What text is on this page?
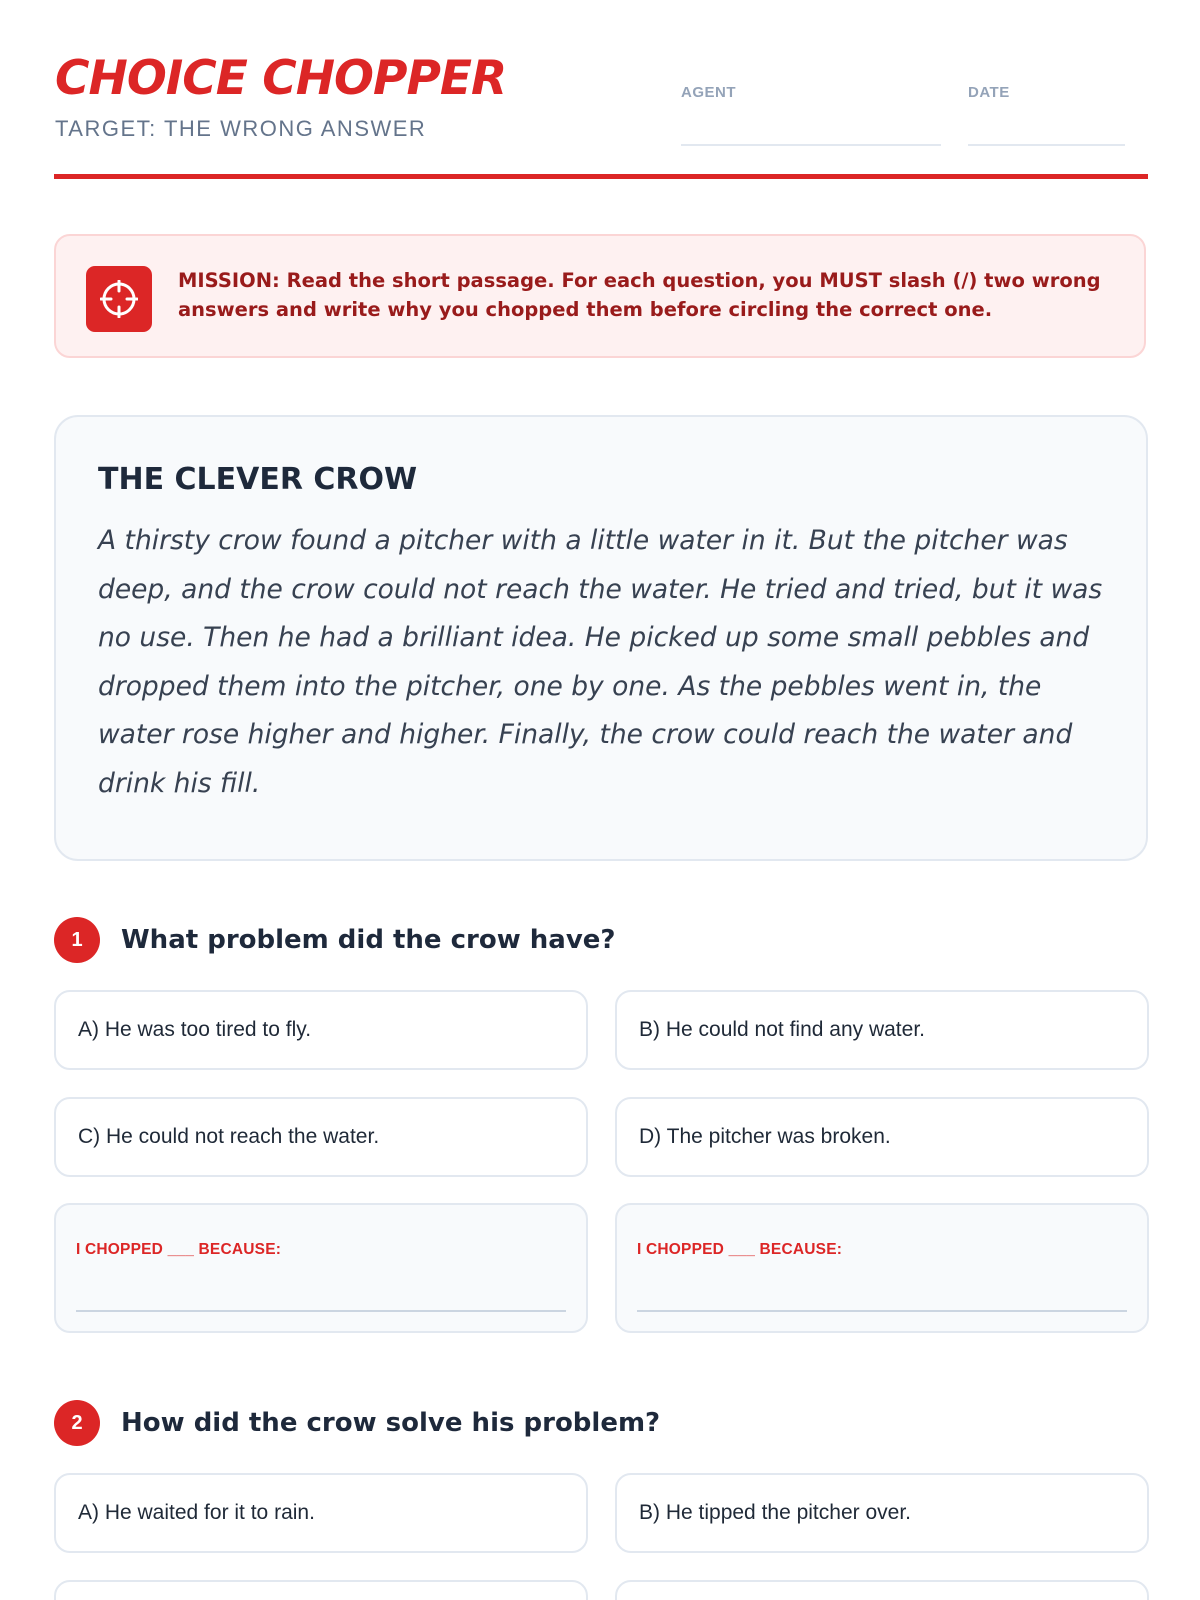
CHOICE CHOPPER
TARGET: THE WRONG ANSWER
AGENT	DATE

MISSION: Read the short passage. For each question, you MUST slash (/) two wrong answers and write why you chopped them before circling the correct one.

THE CLEVER CROW

A thirsty crow found a pitcher with a little water in it. But the pitcher was deep, and the crow could not reach the water. He tried and tried, but it was no use. Then he had a brilliant idea. He picked up some small pebbles and dropped them into the pitcher, one by one. As the pebbles went in, the water rose higher and higher. Finally, the crow could reach the water and drink his fill.

1	What problem did the crow have?
A) He was too tired to fly.	B) He could not find any water.
C) He could not reach the water.	D) The pitcher was broken.
I CHOPPED ___ BECAUSE:	I CHOPPED ___ BECAUSE:
2	How did the crow solve his problem?
A) He waited for it to rain.	B) He tipped the pitcher over.
